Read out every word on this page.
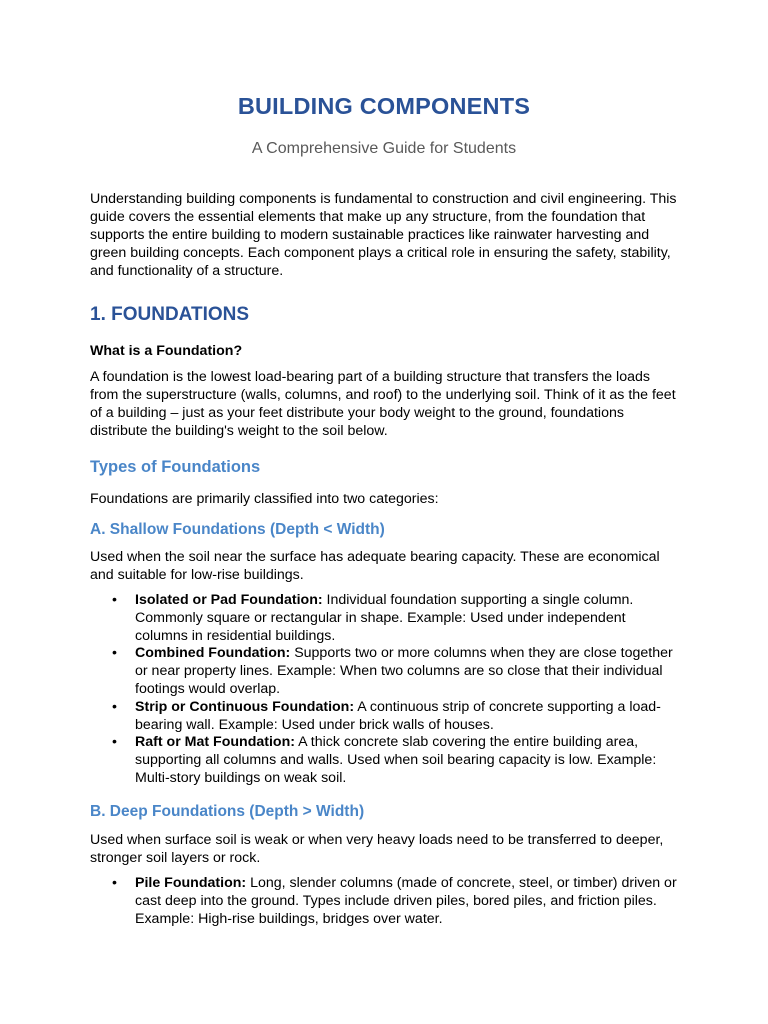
BUILDING COMPONENTS
A Comprehensive Guide for Students
Understanding building components is fundamental to construction and civil engineering. This guide covers the essential elements that make up any structure, from the foundation that supports the entire building to modern sustainable practices like rainwater harvesting and green building concepts. Each component plays a critical role in ensuring the safety, stability, and functionality of a structure.
1. FOUNDATIONS
What is a Foundation?
A foundation is the lowest load-bearing part of a building structure that transfers the loads from the superstructure (walls, columns, and roof) to the underlying soil. Think of it as the feet of a building – just as your feet distribute your body weight to the ground, foundations distribute the building's weight to the soil below.
Types of Foundations
Foundations are primarily classified into two categories:
A. Shallow Foundations (Depth < Width)
Used when the soil near the surface has adequate bearing capacity. These are economical and suitable for low-rise buildings.
• Isolated or Pad Foundation: Individual foundation supporting a single column. Commonly square or rectangular in shape. Example: Used under independent columns in residential buildings.
• Combined Foundation: Supports two or more columns when they are close together or near property lines. Example: When two columns are so close that their individual footings would overlap.
• Strip or Continuous Foundation: A continuous strip of concrete supporting a load-bearing wall. Example: Used under brick walls of houses.
• Raft or Mat Foundation: A thick concrete slab covering the entire building area, supporting all columns and walls. Used when soil bearing capacity is low. Example: Multi-story buildings on weak soil.
B. Deep Foundations (Depth > Width)
Used when surface soil is weak or when very heavy loads need to be transferred to deeper, stronger soil layers or rock.
• Pile Foundation: Long, slender columns (made of concrete, steel, or timber) driven or cast deep into the ground. Types include driven piles, bored piles, and friction piles. Example: High-rise buildings, bridges over water.
